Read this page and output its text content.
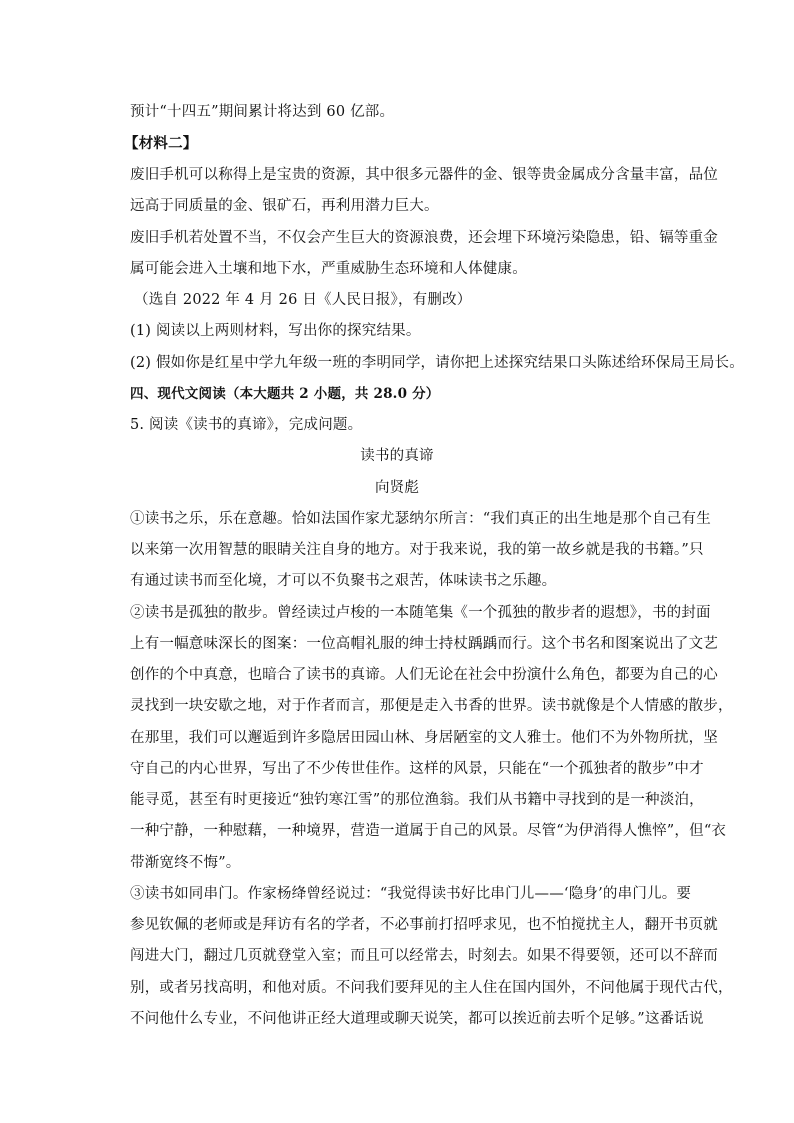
预计“十四五”期间累计将达到 60 亿部。
【材料二】
废旧手机可以称得上是宝贵的资源，其中很多元器件的金、银等贵金属成分含量丰富，品位
远高于同质量的金、银矿石，再利用潜力巨大。
废旧手机若处置不当，不仅会产生巨大的资源浪费，还会埋下环境污染隐患，铅、镉等重金
属可能会进入土壤和地下水，严重威胁生态环境和人体健康。
（选自 2022 年 4 月 26 日《人民日报》，有删改）
(1) 阅读以上两则材料，写出你的探究结果。
(2) 假如你是红星中学九年级一班的李明同学，请你把上述探究结果口头陈述给环保局王局长。
四、现代文阅读（本大题共 2 小题，共 28.0 分）
5. 阅读《读书的真谛》，完成问题。
读书的真谛
向贤彪
①读书之乐，乐在意趣。恰如法国作家尤瑟纳尔所言：“我们真正的出生地是那个自己有生
以来第一次用智慧的眼睛关注自身的地方。对于我来说，我的第一故乡就是我的书籍。”只
有通过读书而至化境，才可以不负聚书之艰苦，体味读书之乐趣。
②读书是孤独的散步。曾经读过卢梭的一本随笔集《一个孤独的散步者的遐想》，书的封面
上有一幅意味深长的图案：一位高帽礼服的绅士持杖踽踽而行。这个书名和图案说出了文艺
创作的个中真意，也暗合了读书的真谛。人们无论在社会中扮演什么角色，都要为自己的心
灵找到一块安歇之地，对于作者而言，那便是走入书香的世界。读书就像是个人情感的散步，
在那里，我们可以邂逅到许多隐居田园山林、身居陋室的文人雅士。他们不为外物所扰，坚
守自己的内心世界，写出了不少传世佳作。这样的风景，只能在“一个孤独者的散步”中才
能寻觅，甚至有时更接近“独钓寒江雪”的那位渔翁。我们从书籍中寻找到的是一种淡泊，
一种宁静，一种慰藉，一种境界，营造一道属于自己的风景。尽管“为伊消得人憔悴”，但“衣
带渐宽终不悔”。
③读书如同串门。作家杨绛曾经说过：“我觉得读书好比串门儿——‘隐身’的串门儿。要
参见钦佩的老师或是拜访有名的学者，不必事前打招呼求见，也不怕搅扰主人，翻开书页就
闯进大门，翻过几页就登堂入室；而且可以经常去，时刻去。如果不得要领，还可以不辞而
别，或者另找高明，和他对质。不问我们要拜见的主人住在国内国外，不问他属于现代古代，
不问他什么专业，不问他讲正经大道理或聊天说笑，都可以挨近前去听个足够。”这番话说
